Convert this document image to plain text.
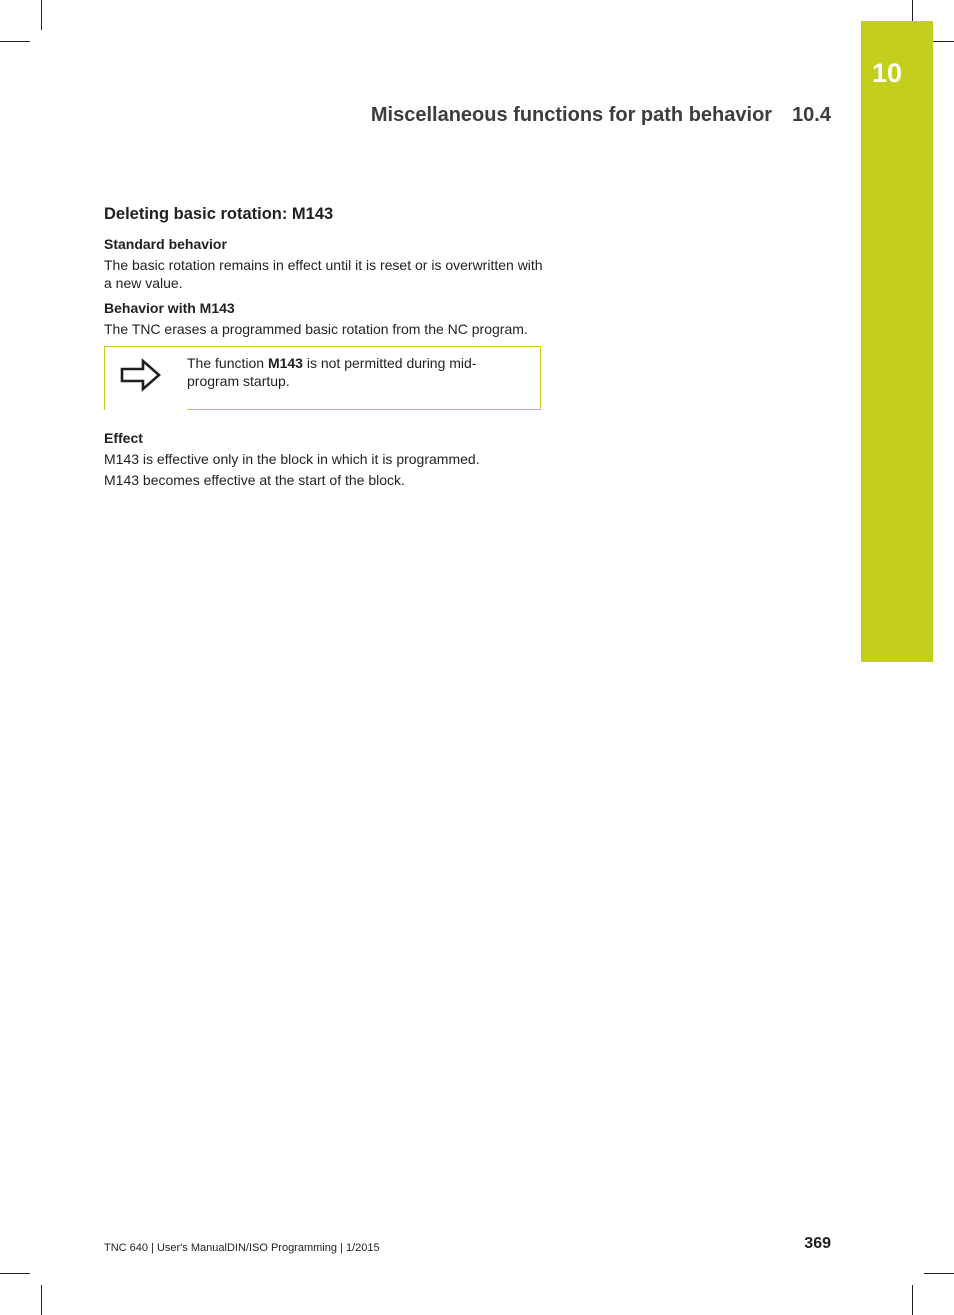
10
Miscellaneous functions for path behavior 10.4
Deleting basic rotation: M143
Standard behavior
The basic rotation remains in effect until it is reset or is overwritten with a new value.
Behavior with M143
The TNC erases a programmed basic rotation from the NC program.
The function M143 is not permitted during mid-program startup.
Effect
M143 is effective only in the block in which it is programmed.
M143 becomes effective at the start of the block.
TNC 640 | User's ManualDIN/ISO Programming | 1/2015	369
